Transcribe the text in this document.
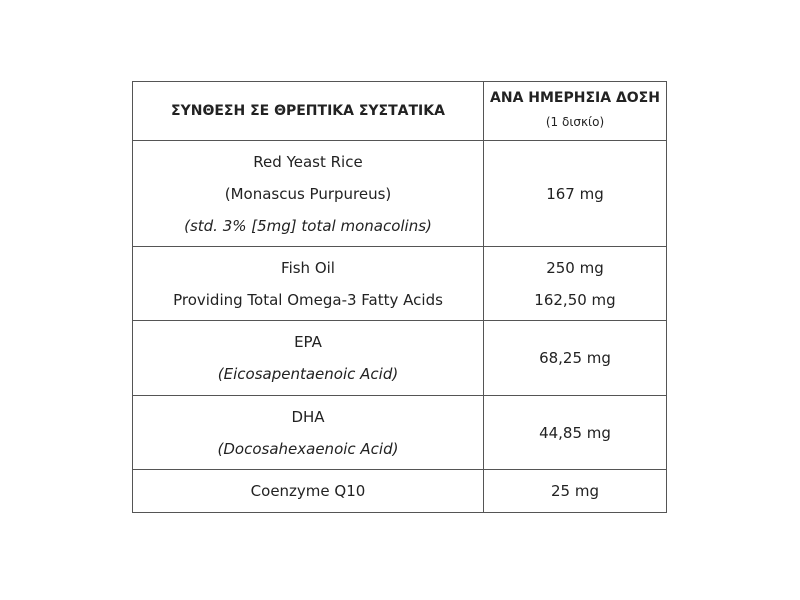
ΣΥΝΘΕΣΗ ΣΕ ΘΡΕΠΤΙΚΑ ΣΥΣΤΑΤΙΚΑ	ΑΝΑ ΗΜΕΡΗΣΙΑ ΔΟΣΗ
(1 δισκίο)

Red Yeast Rice
(Monascus Purpureus)
(std. 3% [5mg] total monacolins)	167 mg

Fish Oil
Providing Total Omega-3 Fatty Acids	250 mg
162,50 mg

EPA
(Eicosapentaenoic Acid)	68,25 mg

DHA
(Docosahexaenoic Acid)	44,85 mg

Coenzyme Q10	25 mg
